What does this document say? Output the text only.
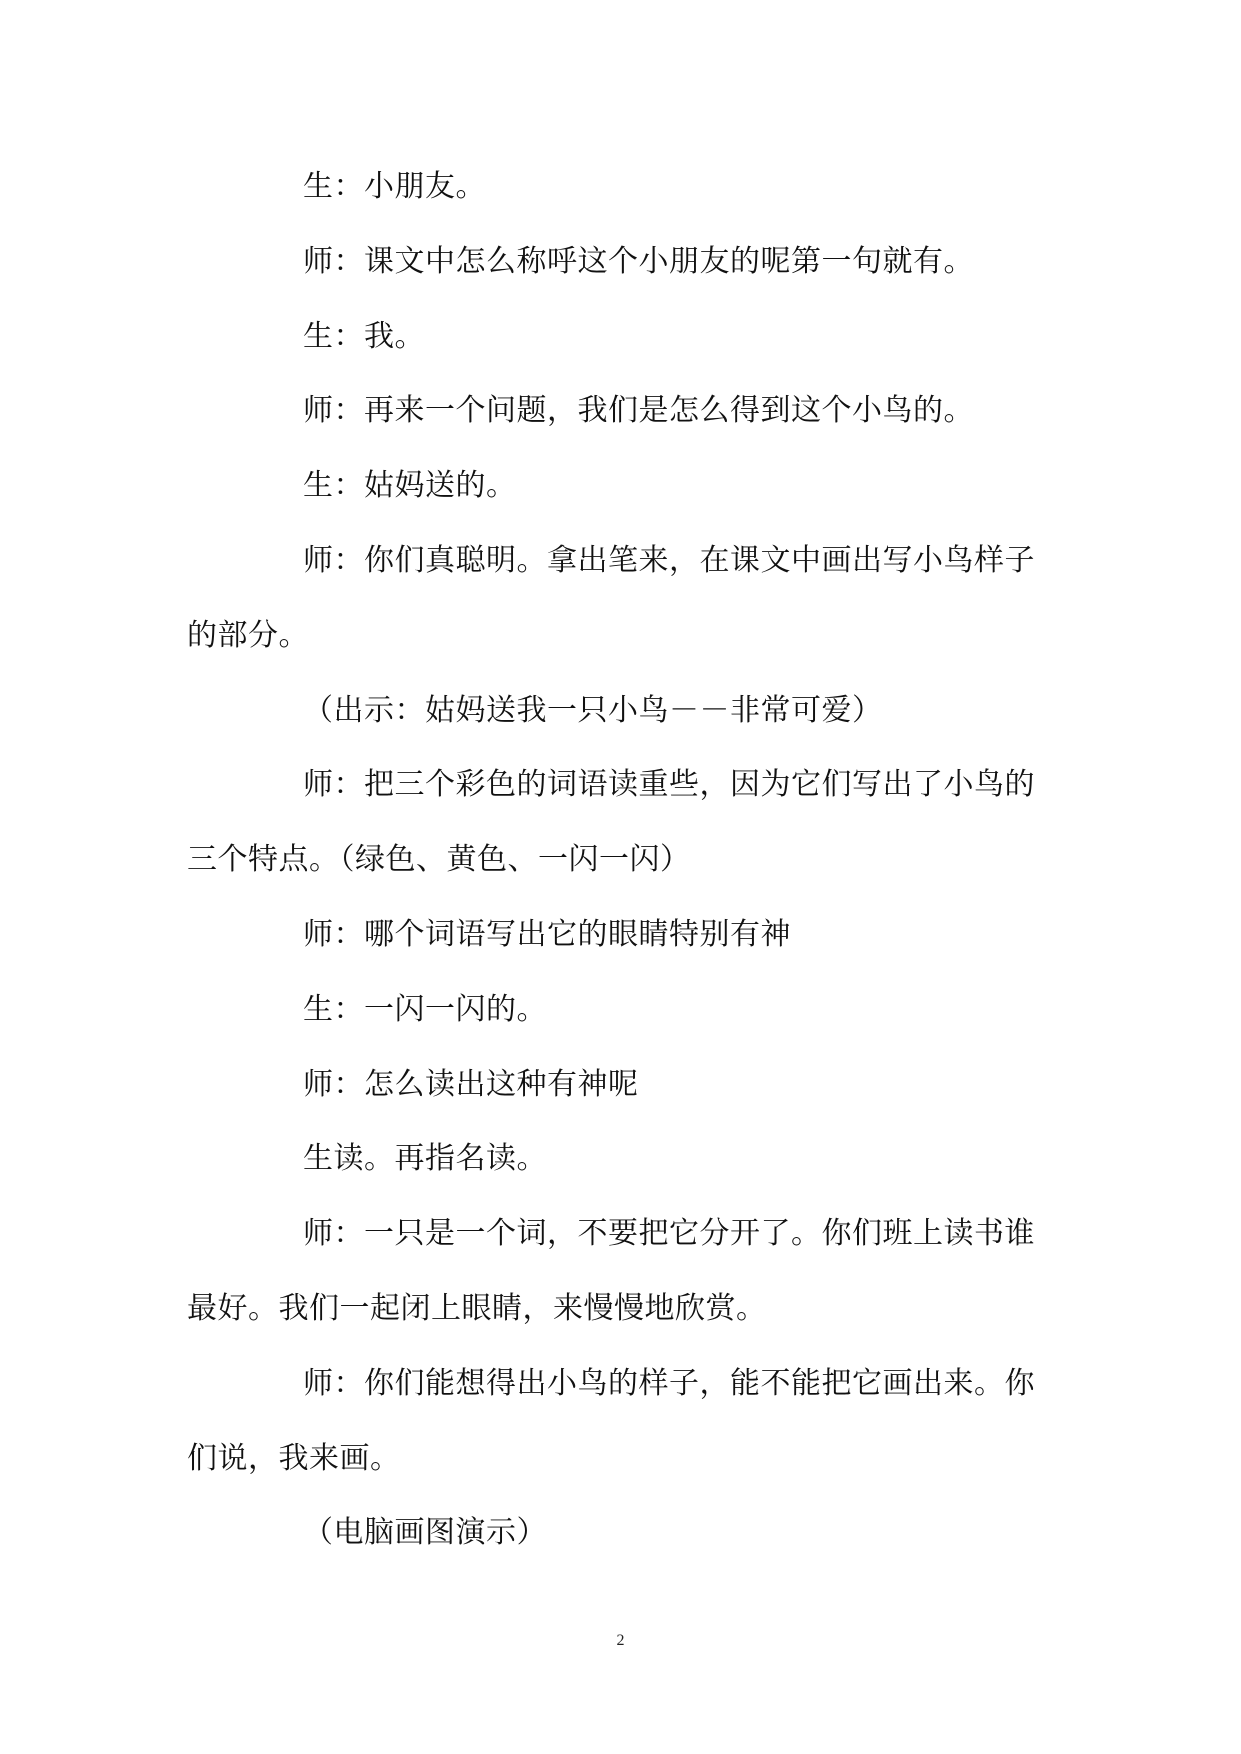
生：小朋友。

师：课文中怎么称呼这个小朋友的呢第一句就有。

生：我。

师：再来一个问题，我们是怎么得到这个小鸟的。

生：姑妈送的。

师：你们真聪明。拿出笔来，在课文中画出写小鸟样子的部分。

（出示：姑妈送我一只小鸟－－非常可爱）

师：把三个彩色的词语读重些，因为它们写出了小鸟的三个特点。（绿色、黄色、一闪一闪）

师：哪个词语写出它的眼睛特别有神

生：一闪一闪的。

师：怎么读出这种有神呢

生读。再指名读。

师：一只是一个词，不要把它分开了。你们班上读书谁最好。我们一起闭上眼睛，来慢慢地欣赏。

师：你们能想得出小鸟的样子，能不能把它画出来。你们说，我来画。

（电脑画图演示）

2
